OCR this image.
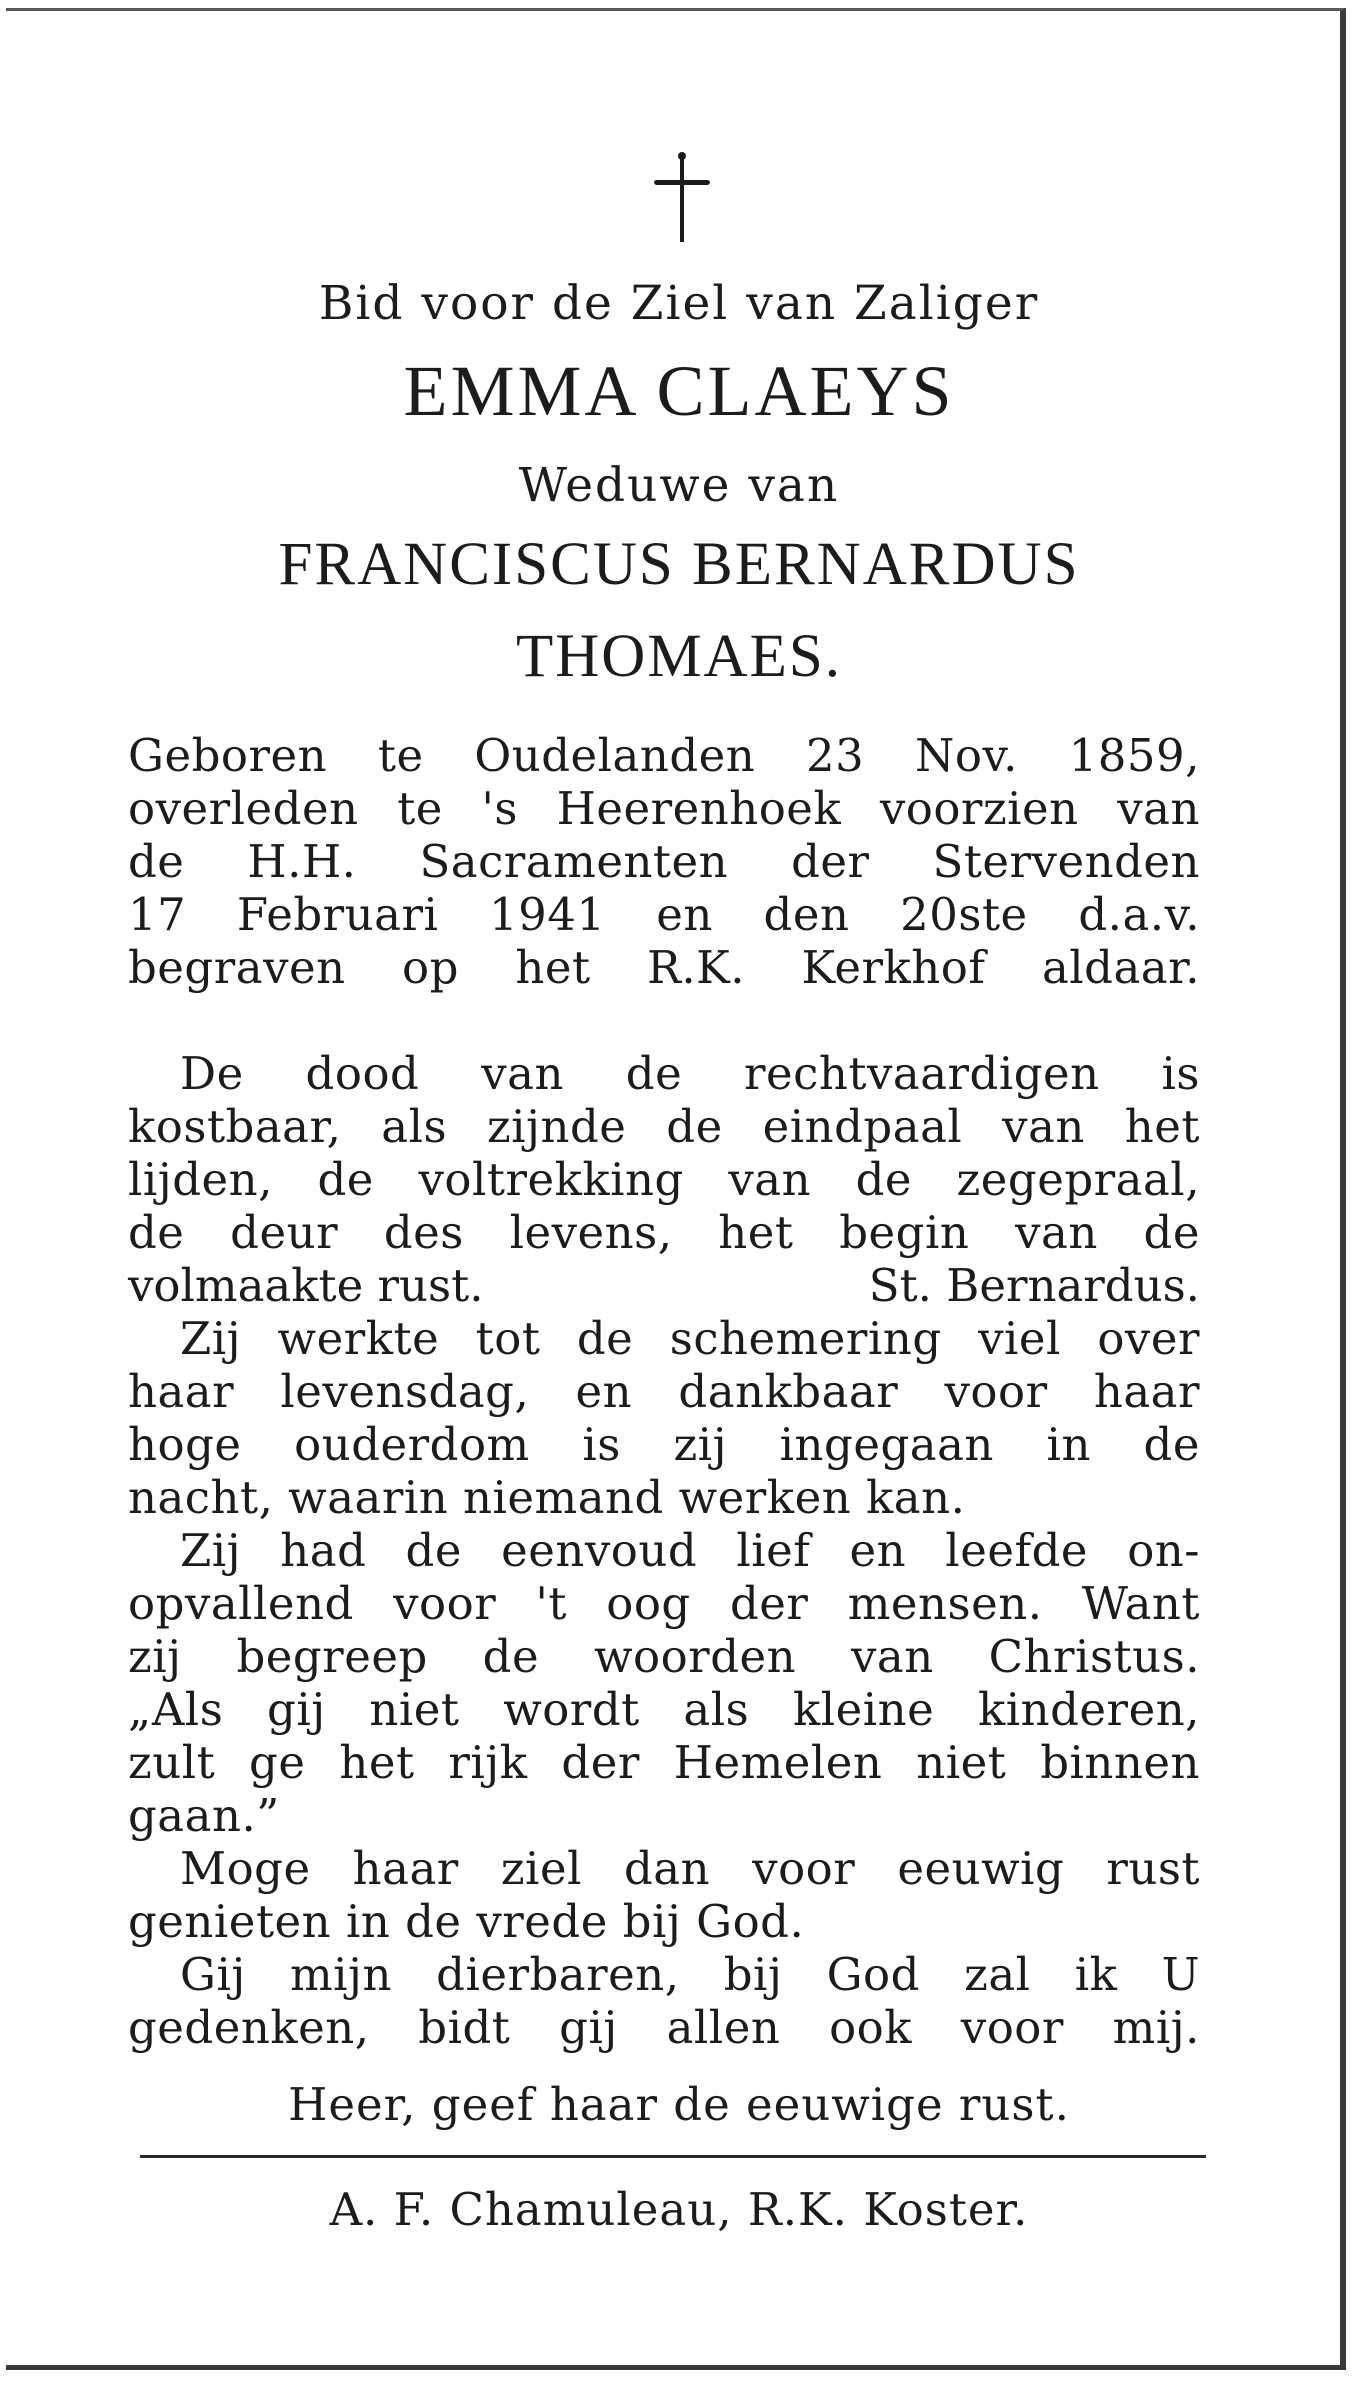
Bid voor de Ziel van Zaliger
EMMA CLAEYS
Weduwe van
FRANCISCUS BERNARDUS
THOMAES.
Geboren te Oudelanden 23 Nov. 1859,
overleden te 's Heerenhoek voorzien van
de H.H. Sacramenten der Stervenden
17 Februari 1941 en den 20ste d.a.v.
begraven op het R.K. Kerkhof aldaar.
De dood van de rechtvaardigen is
kostbaar, als zijnde de eindpaal van het
lijden, de voltrekking van de zegepraal,
de deur des levens, het begin van de
volmaakte rust.	St. Bernardus.
Zij werkte tot de schemering viel over
haar levensdag, en dankbaar voor haar
hoge ouderdom is zij ingegaan in de
nacht, waarin niemand werken kan.
Zij had de eenvoud lief en leefde on-
opvallend voor 't oog der mensen. Want
zij begreep de woorden van Christus.
„Als gij niet wordt als kleine kinderen,
zult ge het rijk der Hemelen niet binnen
gaan.”
Moge haar ziel dan voor eeuwig rust
genieten in de vrede bij God.
Gij mijn dierbaren, bij God zal ik U
gedenken, bidt gij allen ook voor mij.
Heer, geef haar de eeuwige rust.
A. F. Chamuleau, R.K. Koster.
